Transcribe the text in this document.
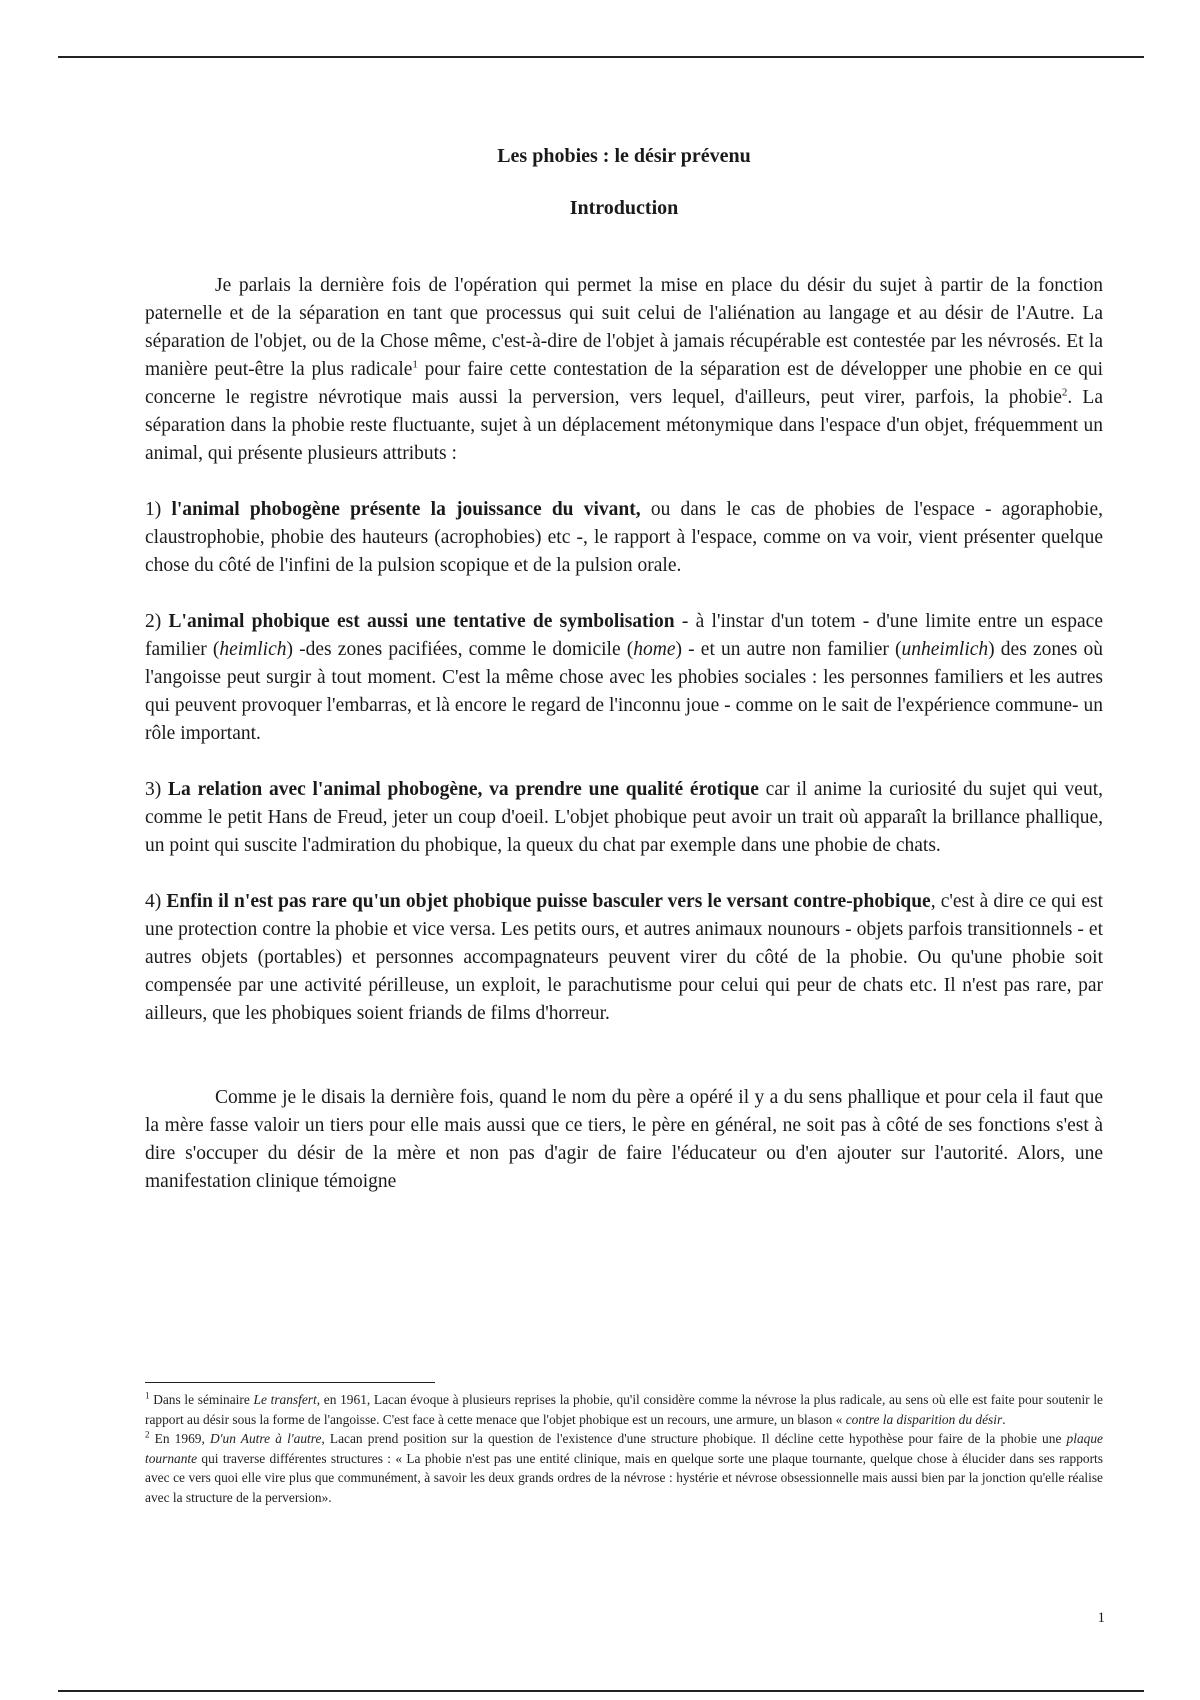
Les phobies : le désir prévenu

Introduction

Je parlais la dernière fois de l'opération qui permet la mise en place du désir du sujet à partir de la fonction paternelle et de la séparation en tant que processus qui suit celui de l'aliénation au langage et au désir de l'Autre. La séparation de l'objet, ou de la Chose même, c'est-à-dire de l'objet à jamais récupérable est contestée par les névrosés. Et la manière peut-être la plus radicale$^1$ pour faire cette contestation de la séparation est de développer une phobie en ce qui concerne le registre névrotique mais aussi la perversion, vers lequel, d'ailleurs, peut virer, parfois, la phobie$^2$. La séparation dans la phobie reste fluctuante, sujet à un déplacement métonymique dans l'espace d'un objet, fréquemment un animal, qui présente plusieurs attributs :

1) l'animal phobogène présente la jouissance du vivant, ou dans le cas de phobies de l'espace - agoraphobie, claustrophobie, phobie des hauteurs (acrophobies) etc -, le rapport à l'espace, comme on va voir, vient présenter quelque chose du côté de l'infini de la pulsion scopique et de la pulsion orale.

2) L'animal phobique est aussi une tentative de symbolisation - à l'instar d'un totem - d'une limite entre un espace familier (heimlich) -des zones pacifiées, comme le domicile (home) - et un autre non familier (unheimlich) des zones où l'angoisse peut surgir à tout moment. C'est la même chose avec les phobies sociales : les personnes familiers et les autres qui peuvent provoquer l'embarras, et là encore le regard de l'inconnu joue - comme on le sait de l'expérience commune- un rôle important.

3) La relation avec l'animal phobogène, va prendre une qualité érotique car il anime la curiosité du sujet qui veut, comme le petit Hans de Freud, jeter un coup d'oeil. L'objet phobique peut avoir un trait où apparaît la brillance phallique, un point qui suscite l'admiration du phobique, la queux du chat par exemple dans une phobie de chats.

4) Enfin il n'est pas rare qu'un objet phobique puisse basculer vers le versant contre-phobique, c'est à dire ce qui est une protection contre la phobie et vice versa. Les petits ours, et autres animaux nounours - objets parfois transitionnels - et autres objets (portables) et personnes accompagnateurs peuvent virer du côté de la phobie. Ou qu'une phobie soit compensée par une activité périlleuse, un exploit, le parachutisme pour celui qui peur de chats etc. Il n'est pas rare, par ailleurs, que les phobiques soient friands de films d'horreur.

Comme je le disais la dernière fois, quand le nom du père a opéré il y a du sens phallique et pour cela il faut que la mère fasse valoir un tiers pour elle mais aussi que ce tiers, le père en général, ne soit pas à côté de ses fonctions s'est à dire s'occuper du désir de la mère et non pas d'agir de faire l'éducateur ou d'en ajouter sur l'autorité. Alors, une manifestation clinique témoigne

$^1$ Dans le séminaire Le transfert, en 1961, Lacan évoque à plusieurs reprises la phobie, qu'il considère comme la névrose la plus radicale, au sens où elle est faite pour soutenir le rapport au désir sous la forme de l'angoisse. C'est face à cette menace que l'objet phobique est un recours, une armure, un blason « contre la disparition du désir.

$^2$ En 1969, D'un Autre à l'autre, Lacan prend position sur la question de l'existence d'une structure phobique. Il décline cette hypothèse pour faire de la phobie une plaque tournante qui traverse différentes structures : « La phobie n'est pas une entité clinique, mais en quelque sorte une plaque tournante, quelque chose à élucider dans ses rapports avec ce vers quoi elle vire plus que communément, à savoir les deux grands ordres de la névrose : hystérie et névrose obsessionnelle mais aussi bien par la jonction qu'elle réalise avec la structure de la perversion».

1
